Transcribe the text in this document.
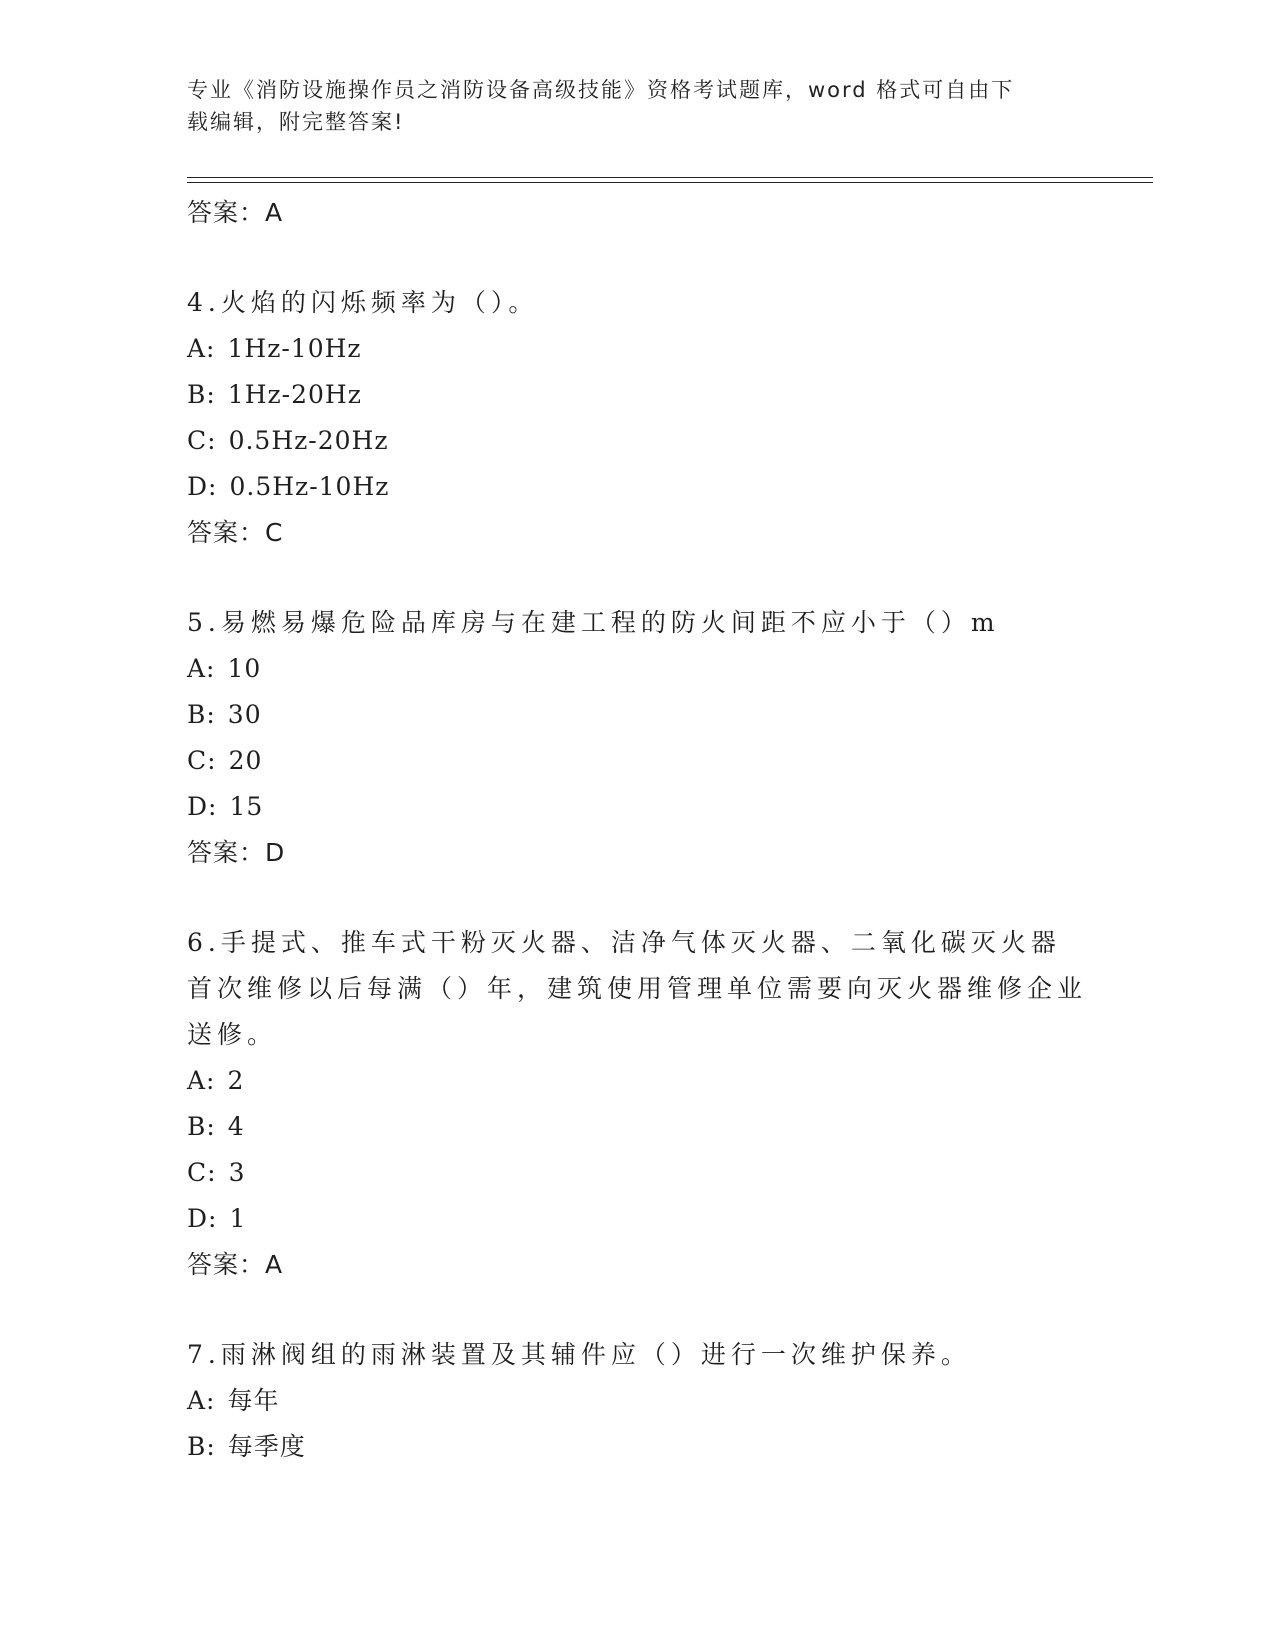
专业《消防设施操作员之消防设备高级技能》资格考试题库，word 格式可自由下
载编辑，附完整答案!
答案：A
4.火焰的闪烁频率为（）。
A: 1Hz-10Hz
B: 1Hz-20Hz
C: 0.5Hz-20Hz
D: 0.5Hz-10Hz
答案：C
5.易燃易爆危险品库房与在建工程的防火间距不应小于（）m
A: 10
B: 30
C: 20
D: 15
答案：D
6.手提式、推车式干粉灭火器、洁净气体灭火器、二氧化碳灭火器首次维修以后每满（）年，建筑使用管理单位需要向灭火器维修企业送修。
A: 2
B: 4
C: 3
D: 1
答案：A
7.雨淋阀组的雨淋装置及其辅件应（）进行一次维护保养。
A: 每年
B: 每季度
